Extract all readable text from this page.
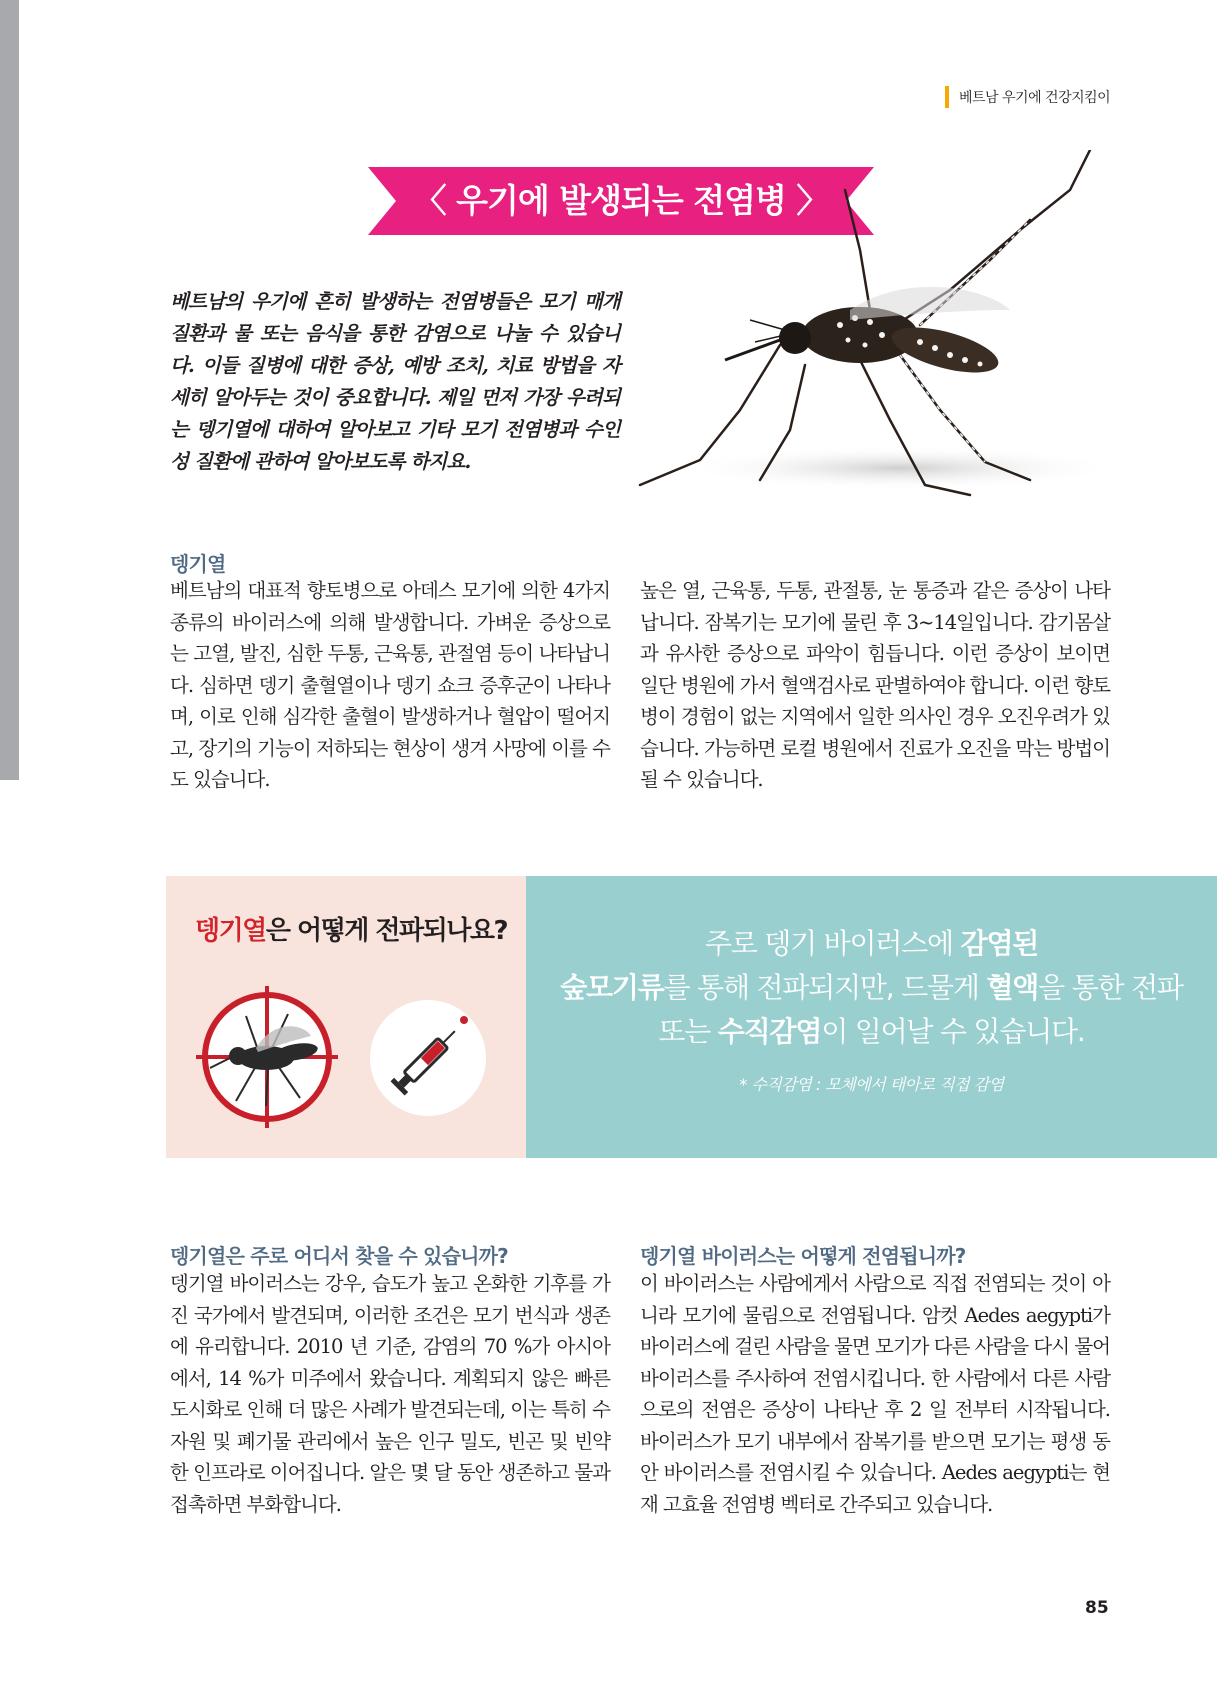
베트남 우기에 건강지킴이
〈 우기에 발생되는 전염병 〉
베트남의 우기에 흔히 발생하는 전염병들은 모기 매개 질환과 물 또는 음식을 통한 감염으로 나눌 수 있습니다. 이들 질병에 대한 증상, 예방 조치, 치료 방법을 자세히 알아두는 것이 중요합니다. 제일 먼저 가장 우려되는 뎅기열에 대하여 알아보고 기타 모기 전염병과 수인성 질환에 관하여 알아보도록 하지요.
뎅기열
베트남의 대표적 향토병으로 아데스 모기에 의한 4가지 종류의 바이러스에 의해 발생합니다. 가벼운 증상으로는 고열, 발진, 심한 두통, 근육통, 관절염 등이 나타납니다. 심하면 뎅기 출혈열이나 뎅기 쇼크 증후군이 나타나며, 이로 인해 심각한 출혈이 발생하거나 혈압이 떨어지고, 장기의 기능이 저하되는 현상이 생겨 사망에 이를 수도 있습니다.
높은 열, 근육통, 두통, 관절통, 눈 통증과 같은 증상이 나타납니다. 잠복기는 모기에 물린 후 3~14일입니다. 감기몸살과 유사한 증상으로 파악이 힘듭니다. 이런 증상이 보이면 일단 병원에 가서 혈액검사로 판별하여야 합니다. 이런 향토병이 경험이 없는 지역에서 일한 의사인 경우 오진우려가 있습니다. 가능하면 로컬 병원에서 진료가 오진을 막는 방법이 될 수 있습니다.
뎅기열은 어떻게 전파되나요?	주로 뎅기 바이러스에 감염된
숲모기류를 통해 전파되지만, 드물게 혈액을 통한 전파
또는 수직감염이 일어날 수 있습니다.
* 수직감염 : 모체에서 태아로 직접 감염
뎅기열은 주로 어디서 찾을 수 있습니까?
뎅기열 바이러스는 강우, 습도가 높고 온화한 기후를 가진 국가에서 발견되며, 이러한 조건은 모기 번식과 생존에 유리합니다. 2010 년 기준, 감염의 70 %가 아시아에서, 14 %가 미주에서 왔습니다. 계획되지 않은 빠른 도시화로 인해 더 많은 사례가 발견되는데, 이는 특히 수자원 및 폐기물 관리에서 높은 인구 밀도, 빈곤 및 빈약한 인프라로 이어집니다. 알은 몇 달 동안 생존하고 물과 접촉하면 부화합니다.
뎅기열 바이러스는 어떻게 전염됩니까?
이 바이러스는 사람에게서 사람으로 직접 전염되는 것이 아니라 모기에 물림으로 전염됩니다. 암컷 Aedes aegypti가 바이러스에 걸린 사람을 물면 모기가 다른 사람을 다시 물어 바이러스를 주사하여 전염시킵니다. 한 사람에서 다른 사람으로의 전염은 증상이 나타난 후 2 일 전부터 시작됩니다. 바이러스가 모기 내부에서 잠복기를 받으면 모기는 평생 동안 바이러스를 전염시킬 수 있습니다. Aedes aegypti는 현재 고효율 전염병 벡터로 간주되고 있습니다.
85
